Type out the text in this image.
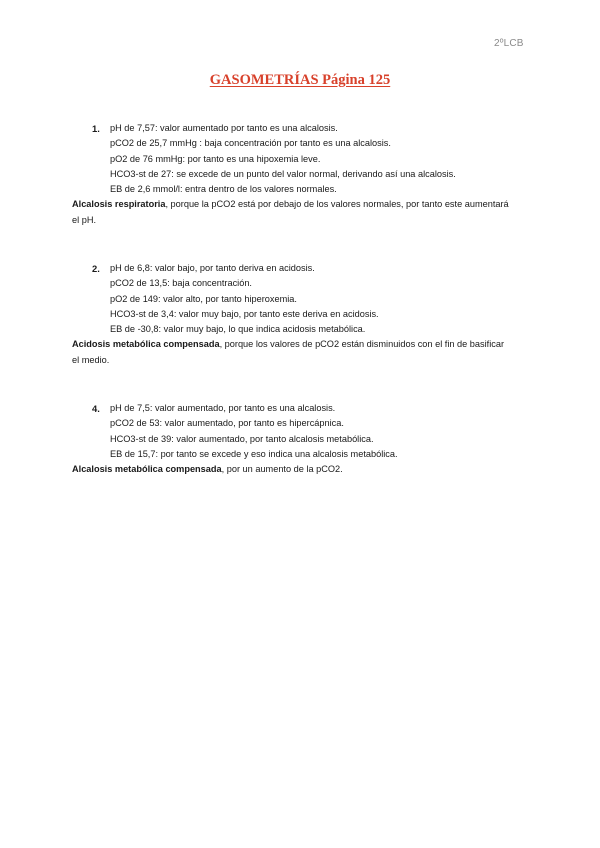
2ºLCB
GASOMETRÍAS Página 125
1. pH de 7,57: valor aumentado por tanto es una alcalosis.
pCO2 de 25,7 mmHg : baja concentración por tanto es una alcalosis.
pO2 de 76 mmHg: por tanto es una hipoxemia leve.
HCO3-st de 27: se excede de un punto del valor normal, derivando así una alcalosis.
EB de 2,6 mmol/l: entra dentro de los valores normales.
Alcalosis respiratoria, porque la pCO2 está por debajo de los valores normales, por tanto este aumentará el pH.
2. pH de 6,8: valor bajo, por tanto deriva en acidosis.
pCO2 de 13,5: baja concentración.
pO2 de 149: valor alto, por tanto hiperoxemia.
HCO3-st de 3,4: valor muy bajo, por tanto este deriva en acidosis.
EB de -30,8: valor muy bajo, lo que indica acidosis metabólica.
Acidosis metabólica compensada, porque los valores de pCO2 están disminuidos con el fin de basificar el medio.
4. pH de 7,5: valor aumentado, por tanto es una alcalosis.
pCO2 de 53: valor aumentado, por tanto es hipercápnica.
HCO3-st de 39: valor aumentado, por tanto alcalosis metabólica.
EB de 15,7: por tanto se excede y eso indica una alcalosis metabólica.
Alcalosis metabólica compensada, por un aumento de la pCO2.
